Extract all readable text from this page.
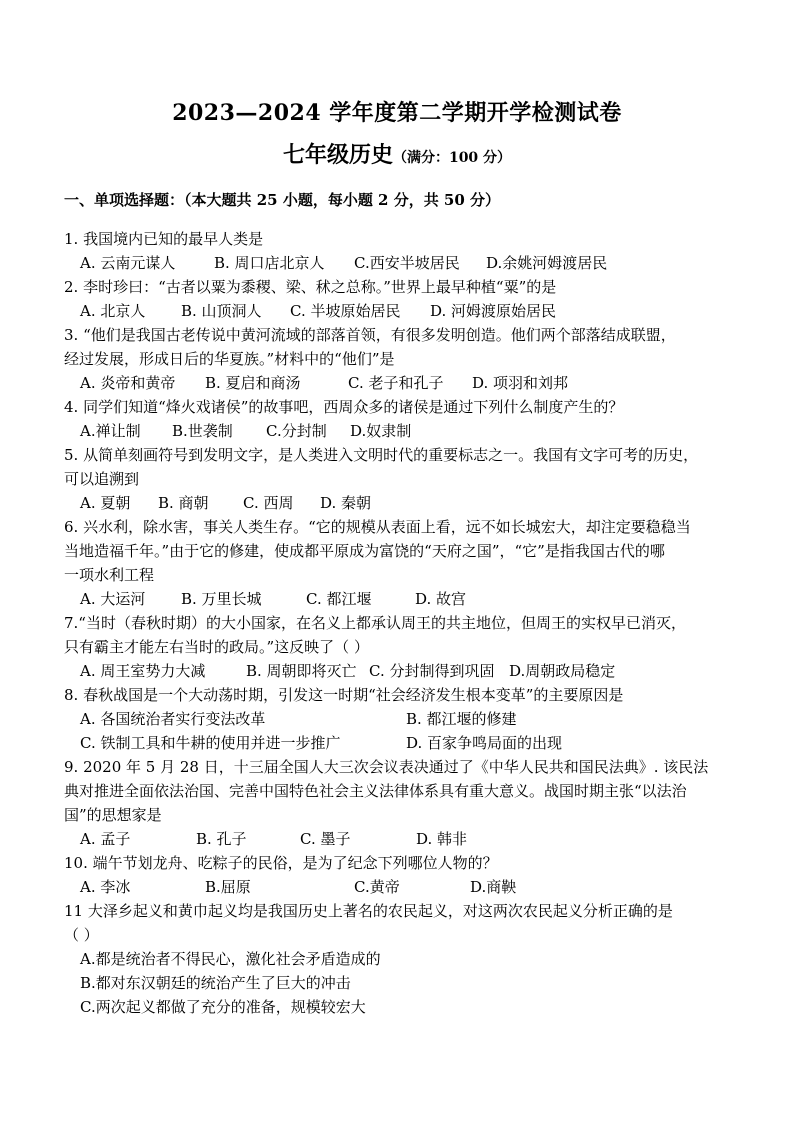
2023—2024 学年度第二学期开学检测试卷
七年级历史（满分：100 分）
一、单项选择题：（本大题共 25 小题，每小题 2 分，共 50 分）
1. 我国境内已知的最早人类是
A. 云南元谋人	B. 周口店北京人 C.西安半坡居民 D.余姚河姆渡居民
2. 李时珍曰：“古者以粟为黍稷、梁、秫之总称。”世界上最早种植“粟”的是
A. 北京人 B. 山顶洞人 C. 半坡原始居民 D. 河姆渡原始居民
3. “他们是我国古老传说中黄河流域的部落首领，有很多发明创造。他们两个部落结成联盟，
经过发展，形成日后的华夏族。”材料中的“他们”是
A. 炎帝和黄帝 B. 夏启和商汤	C. 老子和孔子 D. 项羽和刘邦
4. 同学们知道“烽火戏诸侯”的故事吧，西周众多的诸侯是通过下列什么制度产生的？
A.禅让制 B.世袭制 C.分封制 D.奴隶制
5. 从简单刻画符号到发明文字，是人类进入文明时代的重要标志之一。我国有文字可考的历史，
可以追溯到
A. 夏朝 B. 商朝 C. 西周 D. 秦朝
6. 兴水利，除水害，事关人类生存。“它的规模从表面上看，远不如长城宏大，却注定要稳稳当
当地造福千年。”由于它的修建，使成都平原成为富饶的“天府之国”，“它”是指我国古代的哪
一项水利工程
A. 大运河 B. 万里长城	C. 都江堰	D. 故宫
7.“当时（春秋时期）的大小国家，在名义上都承认周王的共主地位，但周王的实权早已消灭，
只有霸主才能左右当时的政局。”这反映了（ ）
A. 周王室势力大减	B. 周朝即将灭亡 C. 分封制得到巩固 D.周朝政局稳定
8. 春秋战国是一个大动荡时期，引发这一时期“社会经济发生根本变革”的主要原因是
A. 各国统治者实行变法改革	B. 都江堰的修建
C. 铁制工具和牛耕的使用并进一步推广	D. 百家争鸣局面的出现
9. 2020 年 5 月 28 日，十三届全国人大三次会议表决通过了《中华人民共和国民法典》. 该民法
典对推进全面依法治国、完善中国特色社会主义法律体系具有重大意义。战国时期主张“以法治
国”的思想家是
A. 孟子	B. 孔子	C. 墨子	D. 韩非
10. 端午节划龙舟、吃粽子的民俗，是为了纪念下列哪位人物的？
A. 李冰	B.屈原	C.黄帝	D.商鞅
11 大泽乡起义和黄巾起义均是我国历史上著名的农民起义，对这两次农民起义分析正确的是
（ ）
A.都是统治者不得民心，激化社会矛盾造成的
B.都对东汉朝廷的统治产生了巨大的冲击
C.两次起义都做了充分的准备，规模较宏大
